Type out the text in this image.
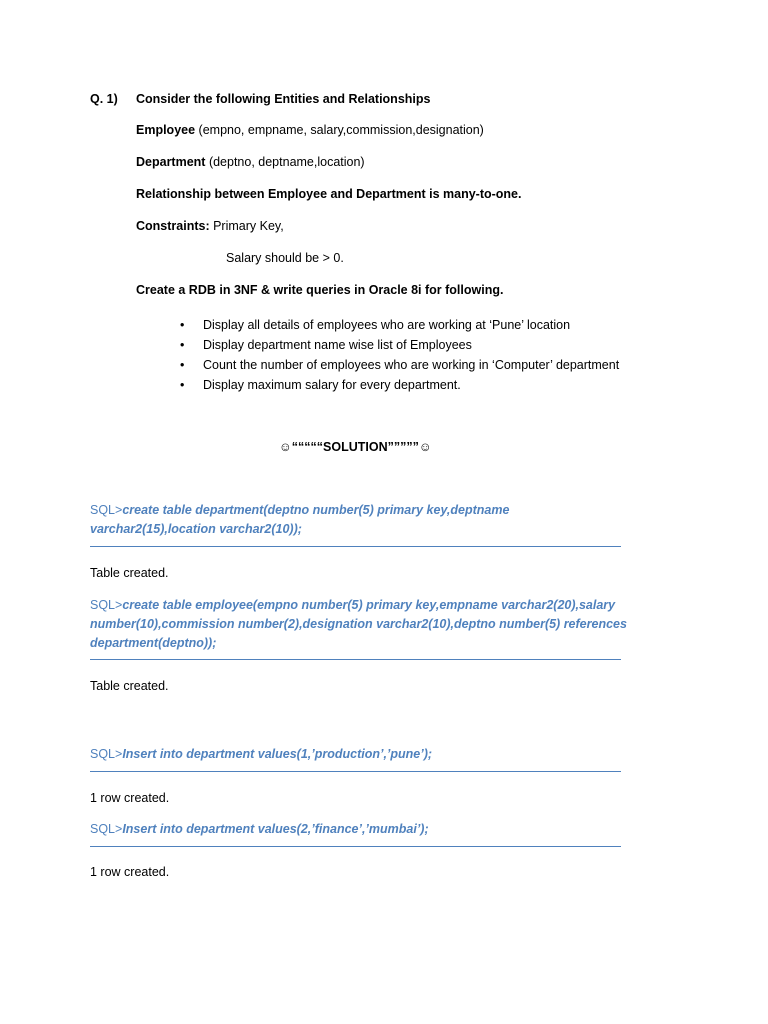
Q. 1) Consider the following Entities and Relationships
Employee (empno, empname, salary,commission,designation)
Department (deptno, deptname,location)
Relationship between Employee and Department is many-to-one.
Constraints: Primary Key,
Salary should be > 0.
Create a RDB in 3NF & write queries in Oracle 8i for following.
• Display all details of employees who are working at ‘Pune’ location
• Display department name wise list of Employees
• Count the number of employees who are working in ‘Computer’ department
• Display maximum salary for every department.
☺“““““SOLUTION”””””☺
SQL>create table department(deptno number(5) primary key,deptname varchar2(15),location varchar2(10));
Table created.
SQL>create table employee(empno number(5) primary key,empname varchar2(20),salary number(10),commission number(2),designation varchar2(10),deptno number(5) references department(deptno));
Table created.
SQL>Insert into department values(1,’production’,’pune’);
1 row created.
SQL>Insert into department values(2,’finance’,’mumbai’);
1 row created.
